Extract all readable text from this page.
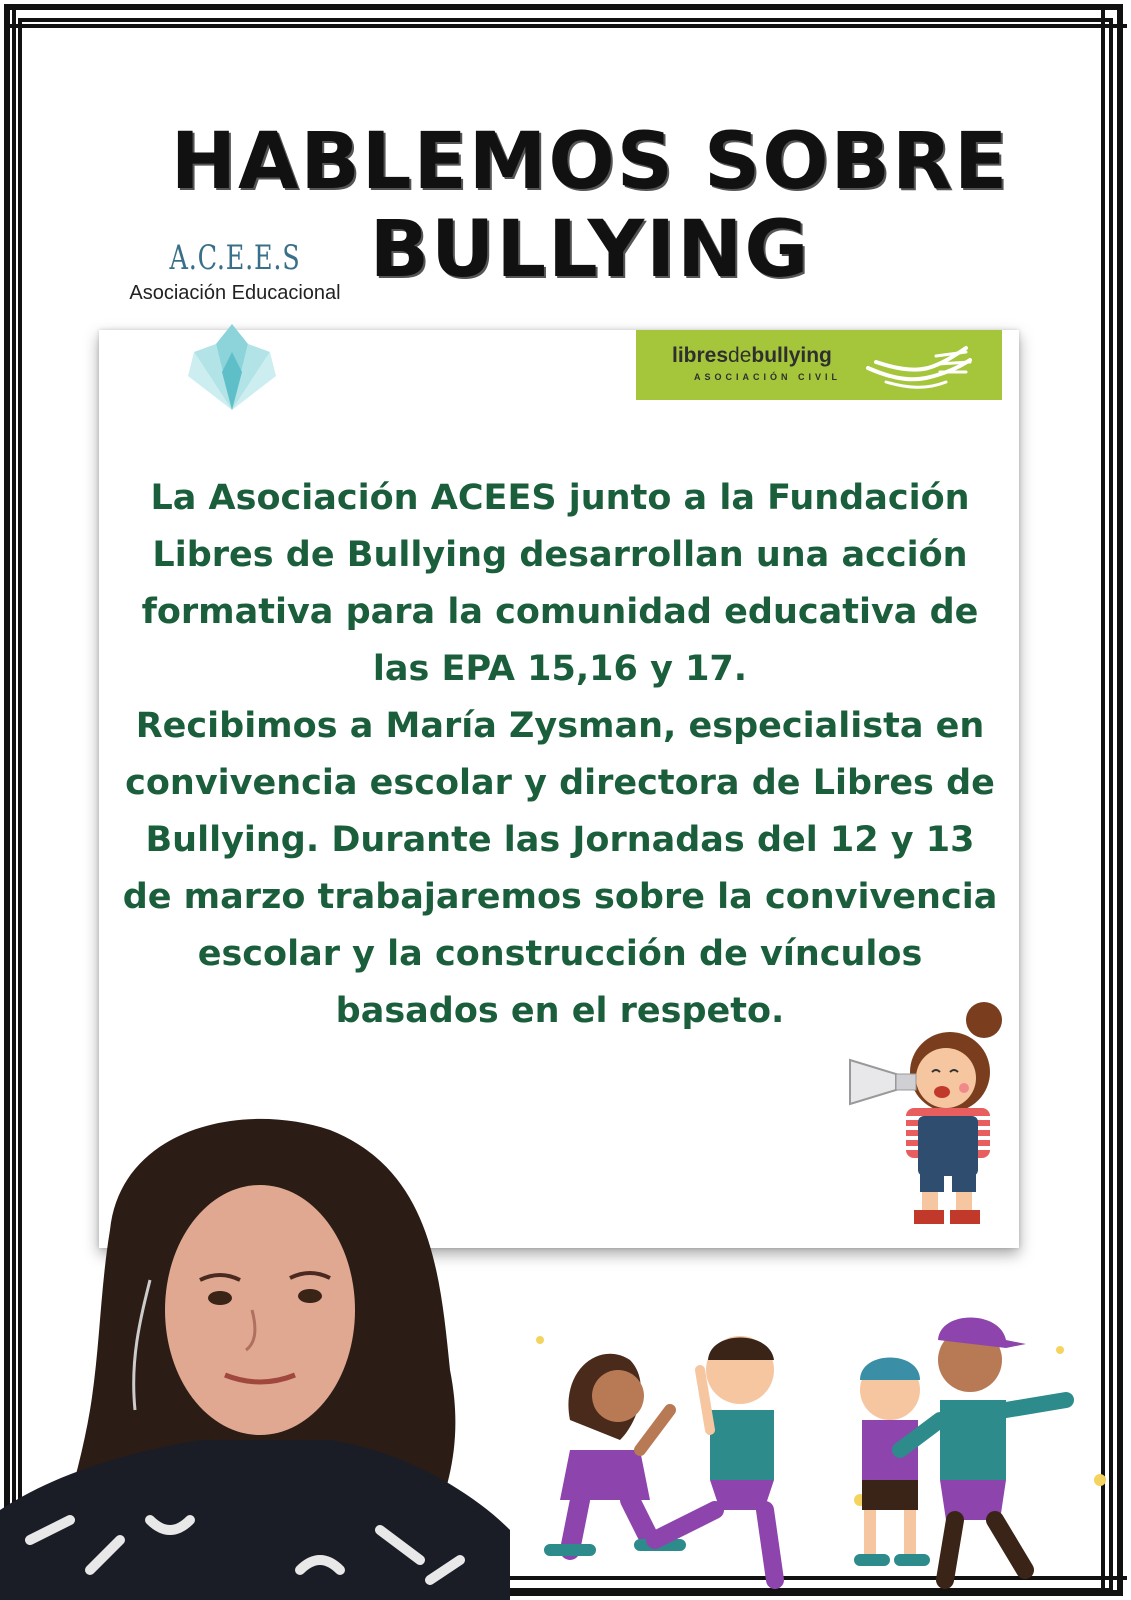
HABLEMOS SOBRE
BULLYING
A.C.E.E.S
Asociación Educacional
libresdebullying
ASOCIACIÓN CIVIL

La Asociación ACEES junto a la Fundación

Libres de Bullying desarrollan una acción

formativa para la comunidad educativa de

las EPA 15,16 y 17.

Recibimos a María Zysman, especialista en

convivencia escolar y directora de Libres de

Bullying. Durante las Jornadas del 12 y 13

de marzo trabajaremos sobre la convivencia

escolar y la construcción de vínculos

basados en el respeto.
